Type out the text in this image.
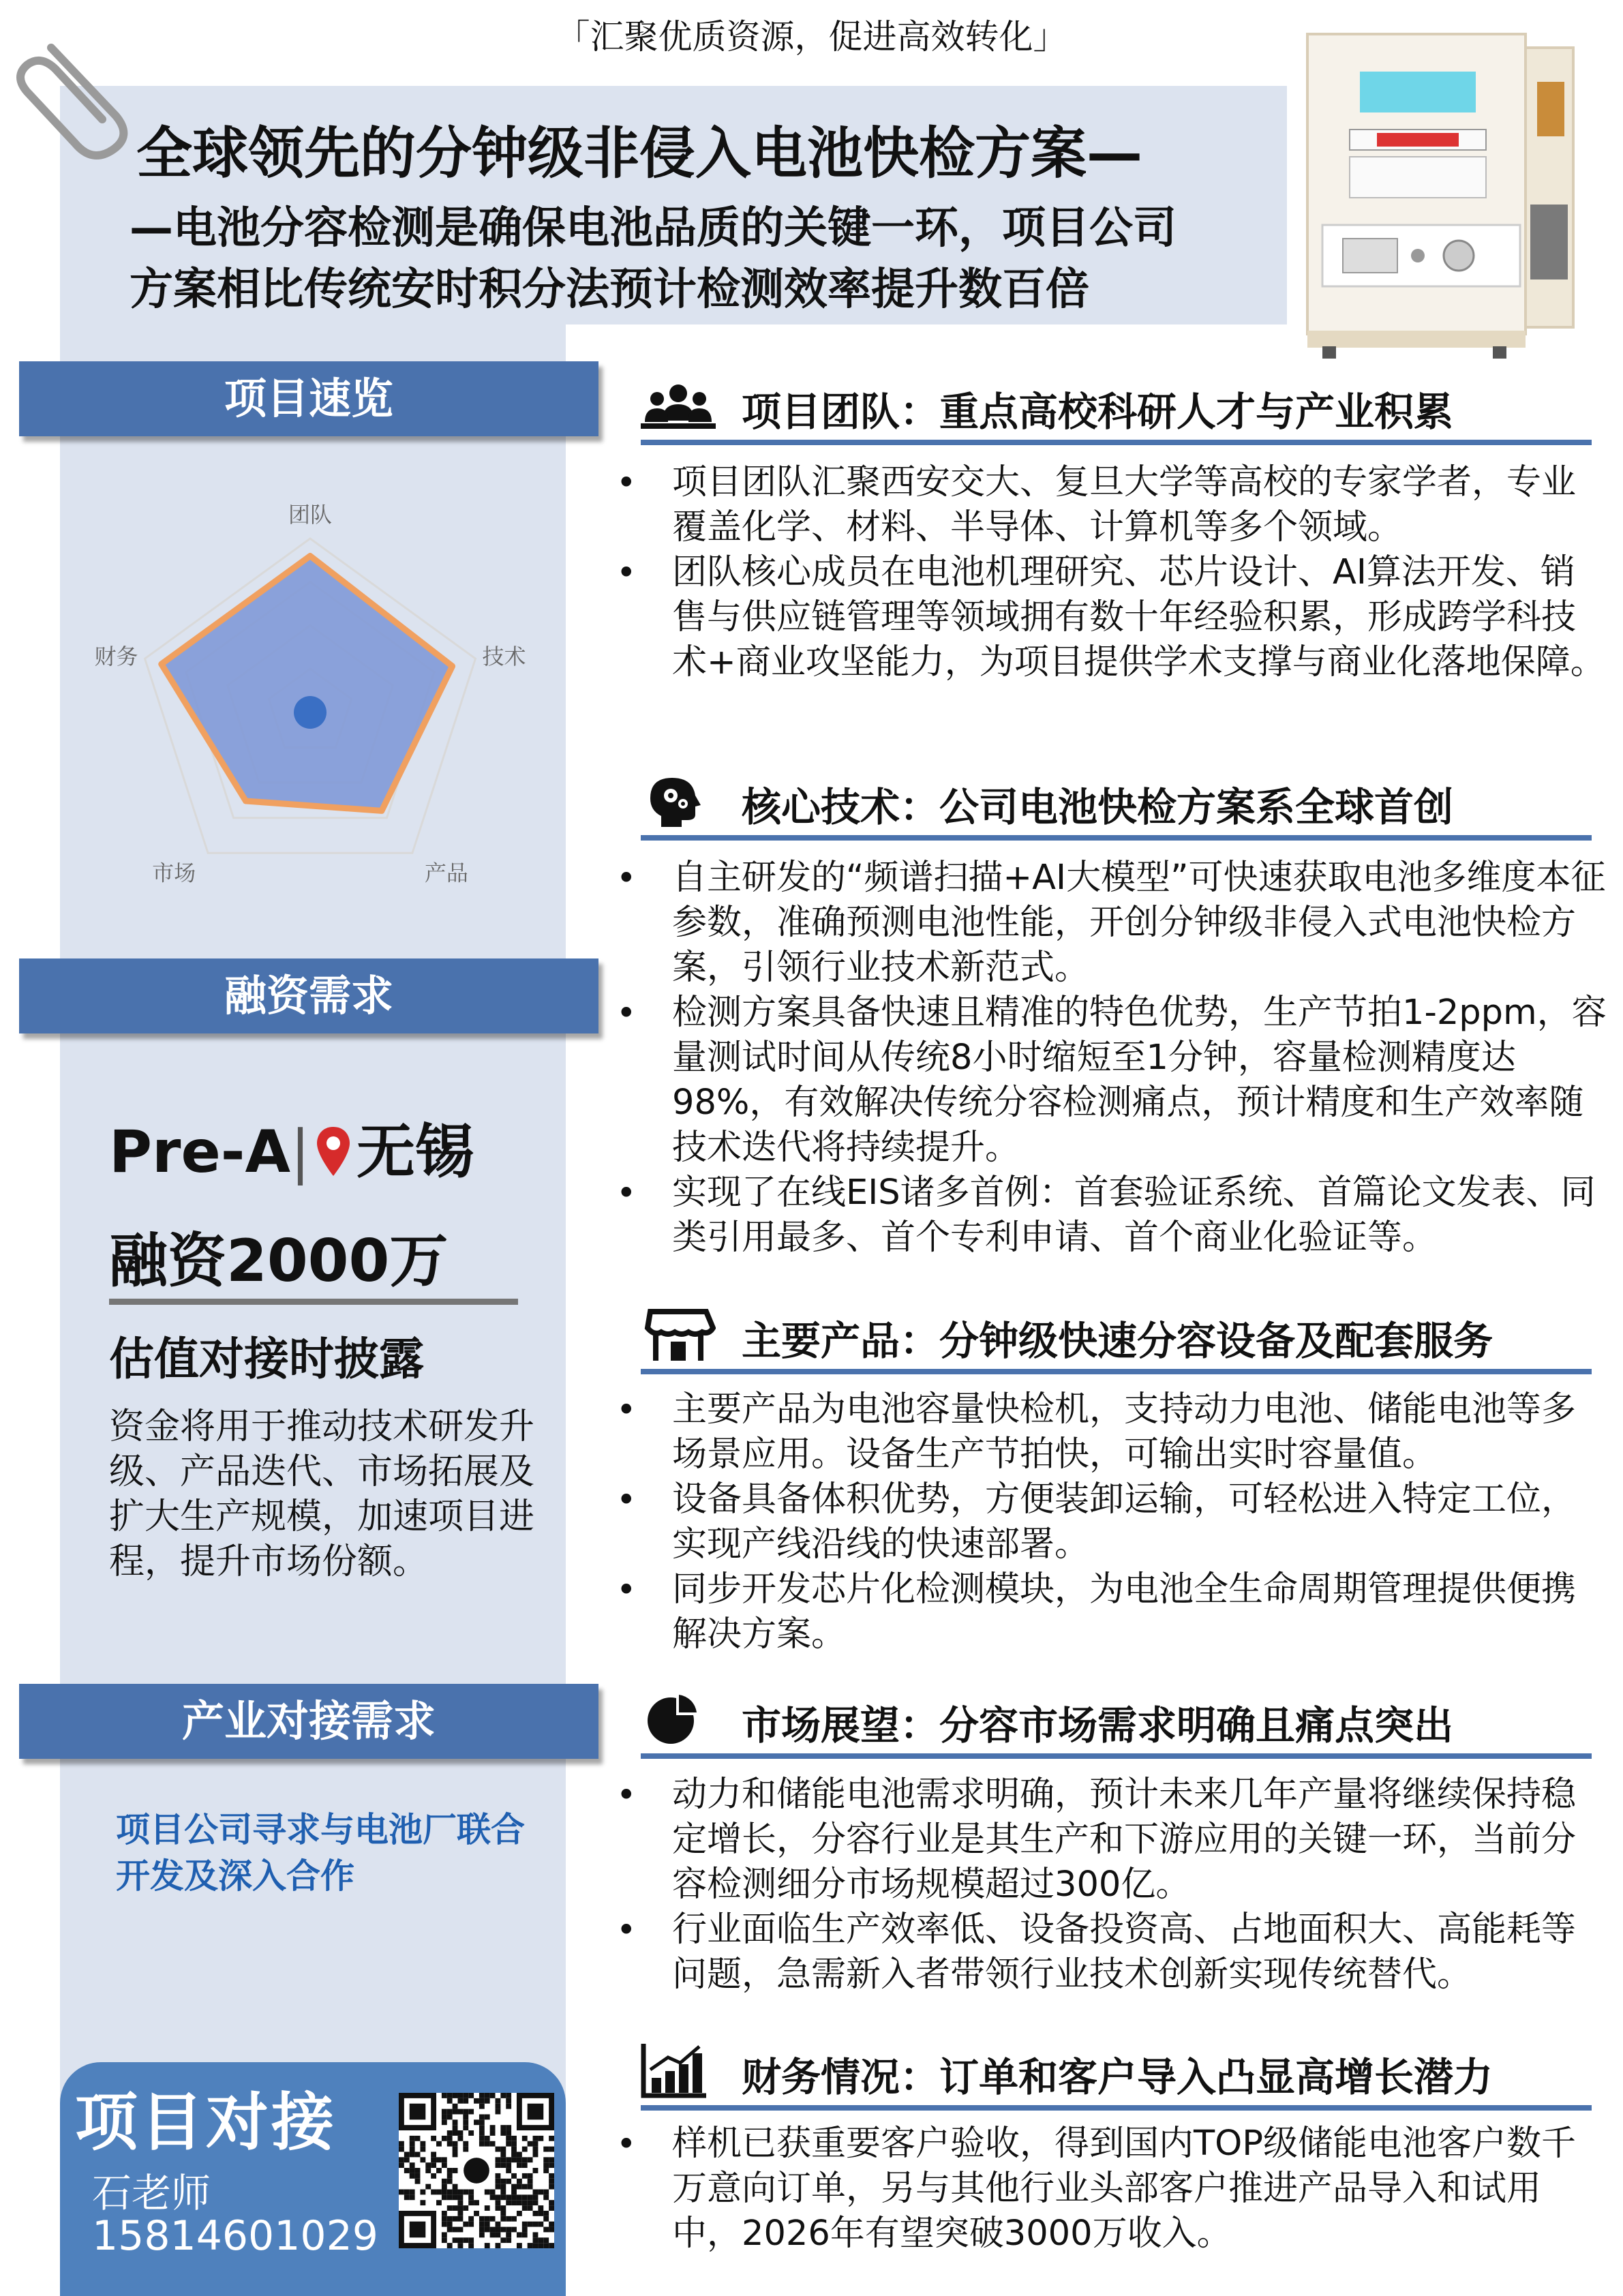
「汇聚优质资源，促进高效转化」
全球领先的分钟级非侵入电池快检方案—
—电池分容检测是确保电池品质的关键一环，项目公司
方案相比传统安时积分法预计检测效率提升数百倍
项目速览
团队
技术
产品
市场
财务
融资需求
Pre-A| 无锡
融资2000万
估值对接时披露
资金将用于推动技术研发升级、产品迭代、市场拓展及扩大生产规模，加速项目进程，提升市场份额。
产业对接需求
项目公司寻求与电池厂联合开发及深入合作
项目对接
石老师
15814601029
项目团队：重点高校科研人才与产业积累
• 项目团队汇聚西安交大、复旦大学等高校的专家学者，专业覆盖化学、材料、半导体、计算机等多个领域。
• 团队核心成员在电池机理研究、芯片设计、AI算法开发、销售与供应链管理等领域拥有数十年经验积累，形成跨学科技术+商业攻坚能力，为项目提供学术支撑与商业化落地保障。
核心技术：公司电池快检方案系全球首创
• 自主研发的“频谱扫描+AI大模型”可快速获取电池多维度本征参数，准确预测电池性能，开创分钟级非侵入式电池快检方案，引领行业技术新范式。
• 检测方案具备快速且精准的特色优势，生产节拍1-2ppm，容量测试时间从传统8小时缩短至1分钟，容量检测精度达98%，有效解决传统分容检测痛点，预计精度和生产效率随技术迭代将持续提升。
• 实现了在线EIS诸多首例：首套验证系统、首篇论文发表、同类引用最多、首个专利申请、首个商业化验证等。
主要产品：分钟级快速分容设备及配套服务
• 主要产品为电池容量快检机，支持动力电池、储能电池等多场景应用。设备生产节拍快，可输出实时容量值。
• 设备具备体积优势，方便装卸运输，可轻松进入特定工位，实现产线沿线的快速部署。
• 同步开发芯片化检测模块，为电池全生命周期管理提供便携解决方案。
市场展望：分容市场需求明确且痛点突出
• 动力和储能电池需求明确，预计未来几年产量将继续保持稳定增长，分容行业是其生产和下游应用的关键一环，当前分容检测细分市场规模超过300亿。
• 行业面临生产效率低、设备投资高、占地面积大、高能耗等问题，急需新入者带领行业技术创新实现传统替代。
财务情况：订单和客户导入凸显高增长潜力
• 样机已获重要客户验收，得到国内TOP级储能电池客户数千万意向订单，另与其他行业头部客户推进产品导入和试用中，2026年有望突破3000万收入。
